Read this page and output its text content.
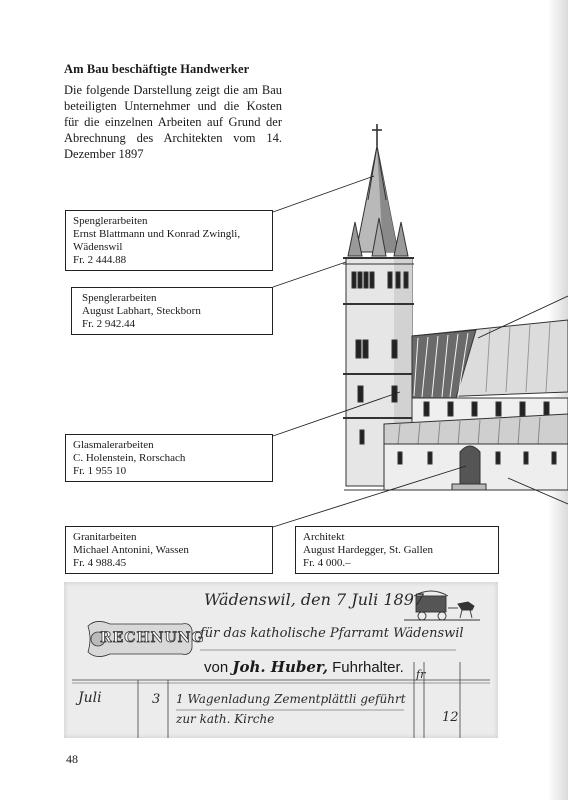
Am Bau beschäftigte Handwerker

Die folgende Darstellung zeigt die am Bau beteiligten Unternehmer und die Kosten für die einzelnen Arbeiten auf Grund der Abrechnung des Architekten vom 14. Dezember 1897

Spenglerarbeiten
Ernst Blattmann und Konrad Zwingli,
Wädenswil
Fr. 2 444.88
Spenglerarbeiten
August Labhart, Steckborn
Fr. 2 942.44
Glasmalerarbeiten
C. Holenstein, Rorschach
Fr. 1 955 10
Granitarbeiten
Michael Antonini, Wassen
Fr. 4 988.45
Architekt
August Hardegger, St. Gallen
Fr. 4 000.–
RECHNUNG
Wädenswil, den 7 Juli 1897
für das katholische Pfarramt Wädenswil
von Joh. Huber, Fuhrhalter. fr
Juli	3 1 Wagenladung Zementplättli geführt
zur kath. Kirche	12
48
